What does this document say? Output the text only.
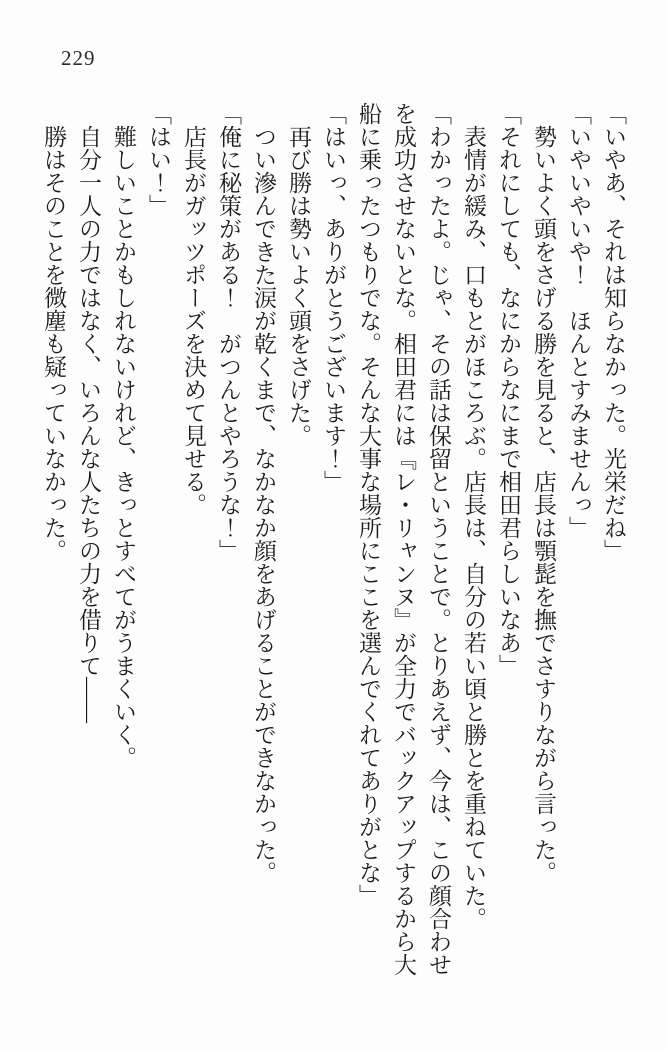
229

「いやあ、それは知らなかった。光栄だね」

「いやいやいや！　ほんとすみませんっ」

勢いよく頭をさげる勝を見ると、店長は顎髭を撫でさすりながら言った。

「それにしても、なにからなにまで相田君らしいなあ」

表情が緩み、口もとがほころぶ。店長は、自分の若い頃と勝とを重ねていた。

「わかったよ。じゃ、その話は保留ということで。とりあえず、今は、この顔合わせを成功させないとな。相田君には『レ・リャンヌ』が全力でバックアップするから大船に乗ったつもりでな。そんな大事な場所にここを選んでくれてありがとな」

「はいっ、ありがとうございます！」

再び勝は勢いよく頭をさげた。

つい滲んできた涙が乾くまで、なかなか顔をあげることができなかった。

「俺に秘策がある！　がつんとやろうな！」

店長がガッツポーズを決めて見せる。

「はい！」

難しいことかもしれないけれど、きっとすべてがうまくいく。

自分一人の力ではなく、いろんな人たちの力を借りて――

勝はそのことを微塵も疑っていなかった。
